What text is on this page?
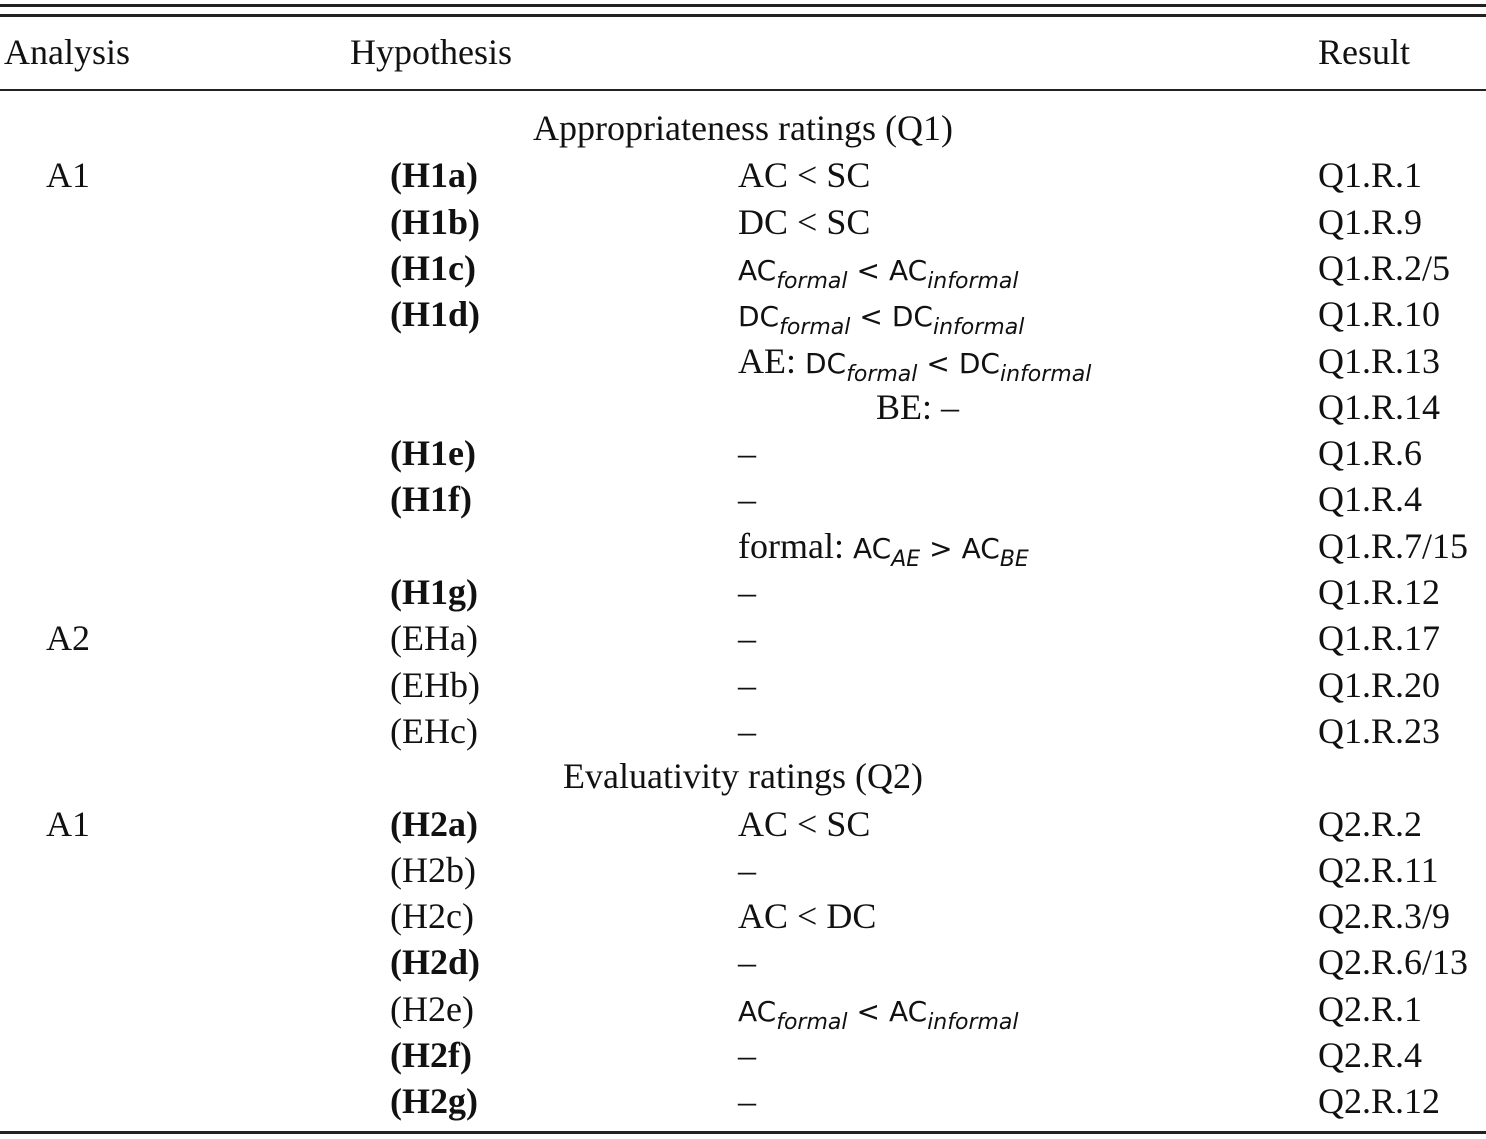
Analysis	Hypothesis	Result
Appropriateness ratings (Q1)
A1	(H1a)	AC < SC	Q1.R.1
(H1b)	DC < SC	Q1.R.9
(H1c)	$AC_{formal} < AC_{informal}$	Q1.R.2/5
(H1d)	$DC_{formal} < DC_{informal}$	Q1.R.10
AE: $DC_{formal} < DC_{informal}$	Q1.R.13
BE: –	Q1.R.14
(H1e)	–	Q1.R.6
(H1f)	–	Q1.R.4
formal: $AC_{AE} > AC_{BE}$	Q1.R.7/15
(H1g)	–	Q1.R.12
A2	(EHa)	–	Q1.R.17
(EHb)	–	Q1.R.20
(EHc)	–	Q1.R.23
Evaluativity ratings (Q2)
A1	(H2a)	AC < SC	Q2.R.2
(H2b)	–	Q2.R.11
(H2c)	AC < DC	Q2.R.3/9
(H2d)	–	Q2.R.6/13
(H2e)	$AC_{formal} < AC_{informal}$	Q2.R.1
(H2f)	–	Q2.R.4
(H2g)	–	Q2.R.12
